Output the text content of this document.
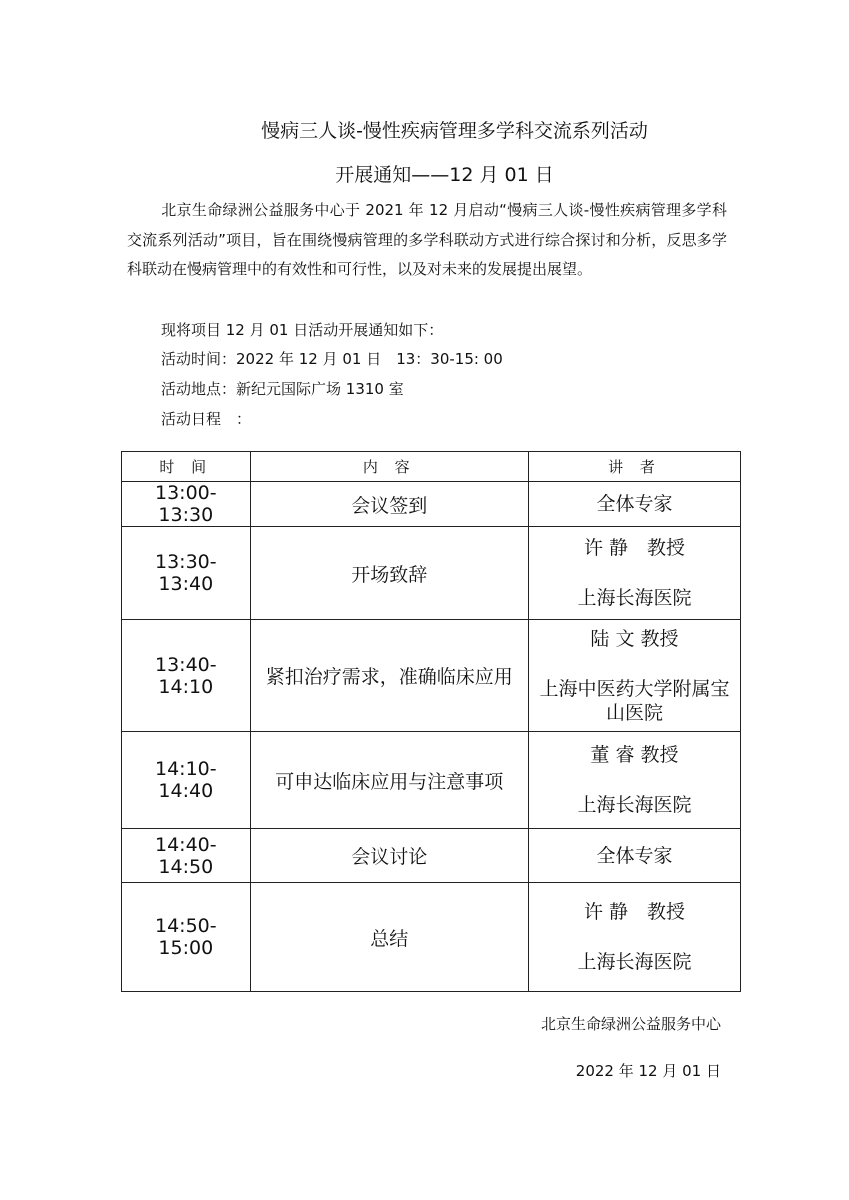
慢病三人谈-慢性疾病管理多学科交流系列活动
开展通知——12 月 01 日
北京生命绿洲公益服务中心于 2021 年 12 月启动“慢病三人谈-慢性疾病管理多学科交流系列活动”项目，旨在围绕慢病管理的多学科联动方式进行综合探讨和分析，反思多学科联动在慢病管理中的有效性和可行性，以及对未来的发展提出展望。
现将项目 12 月 01 日活动开展通知如下：
活动时间：2022 年 12 月 01 日　13：30-15: 00
活动地点：新纪元国际广场 1310 室
活动日程　：
时 间	内 容	讲 者
13:00-13:30	会议签到	全体专家

13:30-13:40	开场致辞	许 静　教授
上海长海医院

13:40-14:10	紧扣治疗需求，准确临床应用	陆 文 教授
上海中医药大学附属宝山医院

14:10-14:40	可申达临床应用与注意事项	董 睿 教授
上海长海医院

14:40-14:50	会议讨论	全体专家

14:50-15:00	总结	许 静　教授
上海长海医院
北京生命绿洲公益服务中心
2022 年 12 月 01 日
